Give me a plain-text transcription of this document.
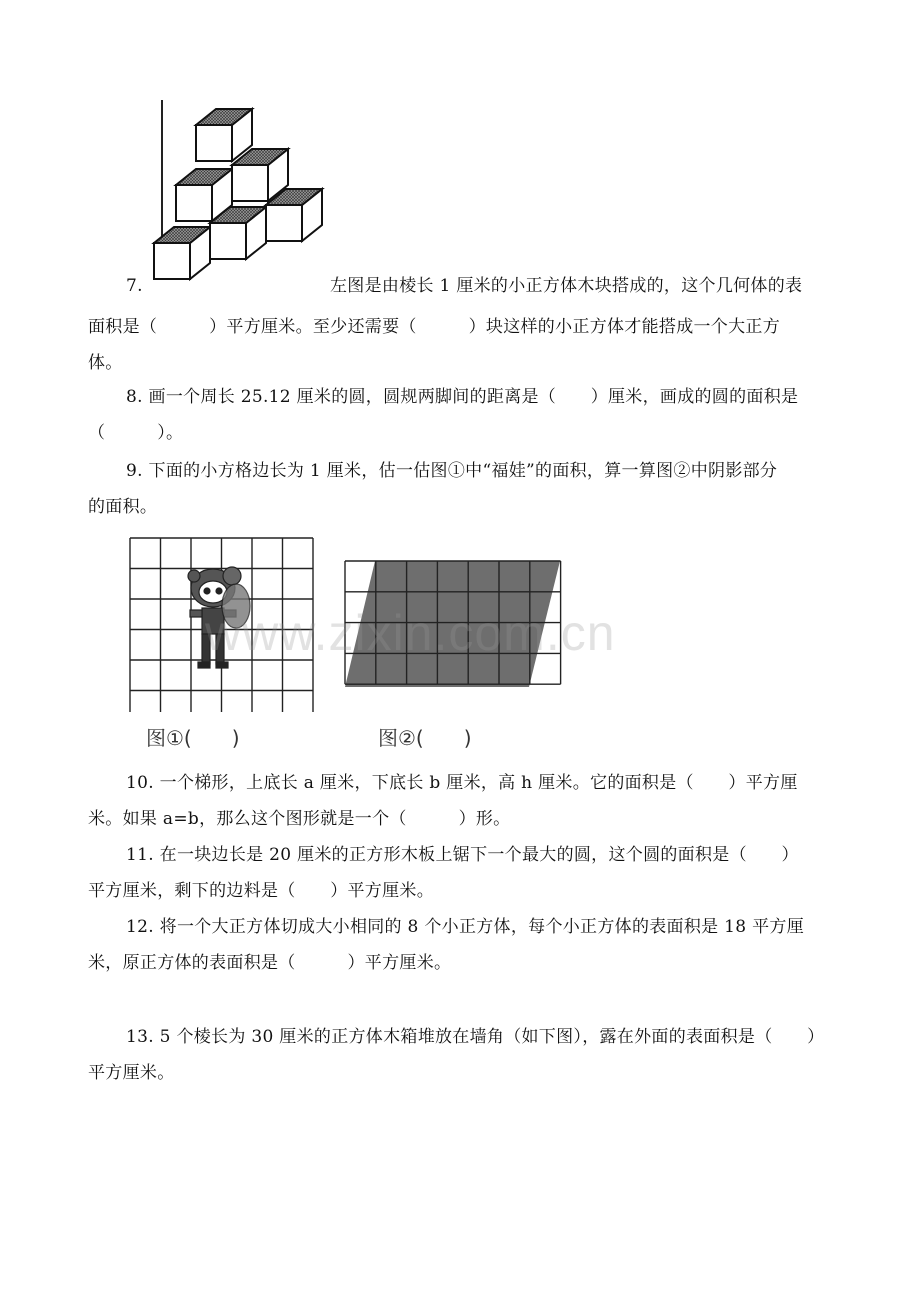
7.	左图是由棱长 1 厘米的小正方体木块搭成的，这个几何体的表
面积是（　　　）平方厘米。至少还需要（　　　）块这样的小正方体才能搭成一个大正方
体。
8. 画一个周长 25.12 厘米的圆，圆规两脚间的距离是（　　）厘米，画成的圆的面积是
（　　　）。
9. 下面的小方格边长为 1 厘米，估一估图①中“福娃”的面积，算一算图②中阴影部分
的面积。
图①(　　)	图②(　　)
www.zixin.com.cn
10. 一个梯形，上底长 a 厘米，下底长 b 厘米，高 h 厘米。它的面积是（　　）平方厘
米。如果 a=b，那么这个图形就是一个（　　　）形。
11. 在一块边长是 20 厘米的正方形木板上锯下一个最大的圆，这个圆的面积是（　　）
平方厘米，剩下的边料是（　　）平方厘米。
12. 将一个大正方体切成大小相同的 8 个小正方体，每个小正方体的表面积是 18 平方厘
米，原正方体的表面积是（　　　）平方厘米。
13. 5 个棱长为 30 厘米的正方体木箱堆放在墙角（如下图），露在外面的表面积是（　　）
平方厘米。
